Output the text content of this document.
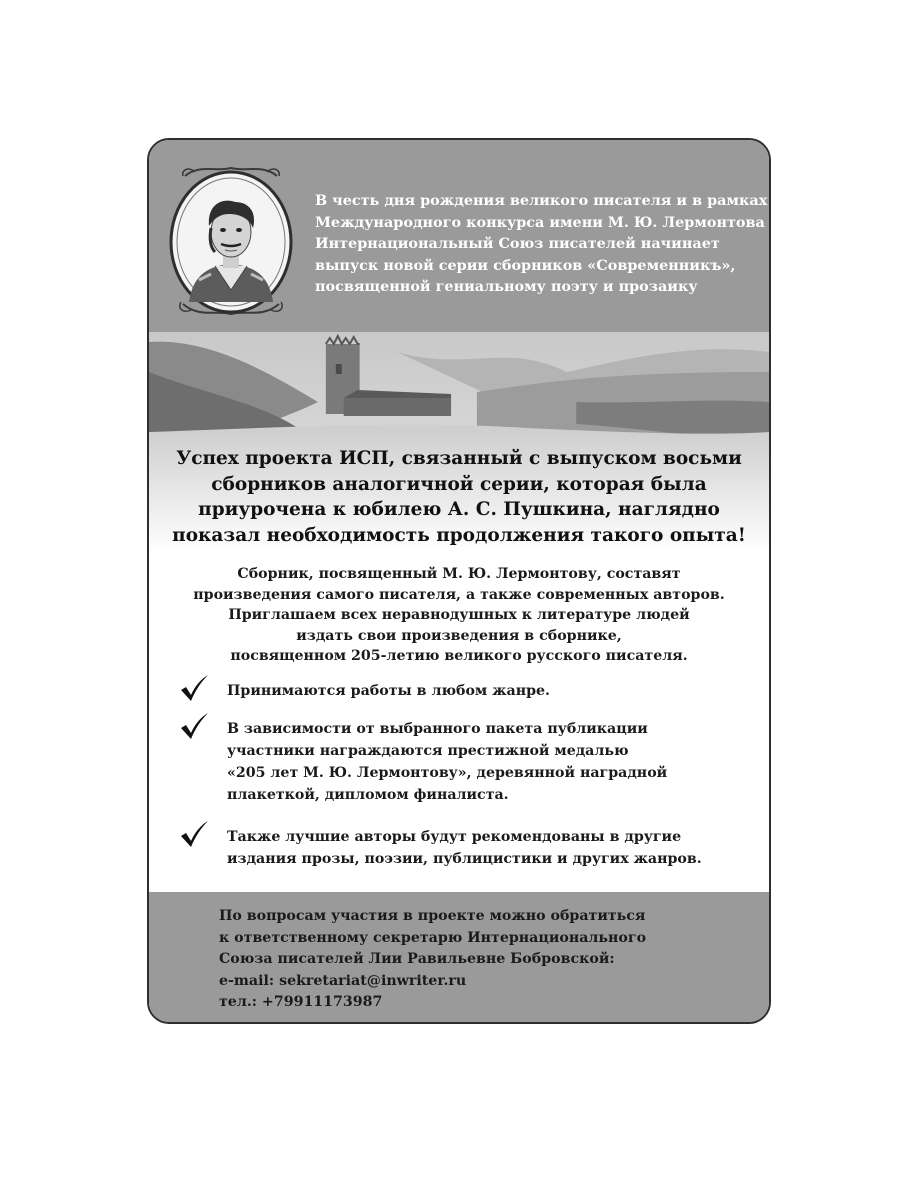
В честь дня рождения великого писателя и в рамках
Международного конкурса имени М. Ю. Лермонтова
Интернациональный Союз писателей начинает
выпуск новой серии сборников «Современникъ»,
посвященной гениальному поэту и прозаику
Успех проекта ИСП, связанный с выпуском восьми
сборников аналогичной серии, которая была
приурочена к юбилею А. С. Пушкина, наглядно
показал необходимость продолжения такого опыта!
Сборник, посвященный М. Ю. Лермонтову, составят
произведения самого писателя, а также современных авторов.
Приглашаем всех неравнодушных к литературе людей
издать свои произведения в сборнике,
посвященном 205-летию великого русского писателя.
Принимаются работы в любом жанре.
В зависимости от выбранного пакета публикации
участники награждаются престижной медалью
«205 лет М. Ю. Лермонтову», деревянной наградной
плакеткой, дипломом финалиста.
Также лучшие авторы будут рекомендованы в другие
издания прозы, поэзии, публицистики и других жанров.
По вопросам участия в проекте можно обратиться
к ответственному секретарю Интернационального
Союза писателей Лии Равильевне Бобровской:
e-mail: sekretariat@inwriter.ru
тел.: +79911173987
